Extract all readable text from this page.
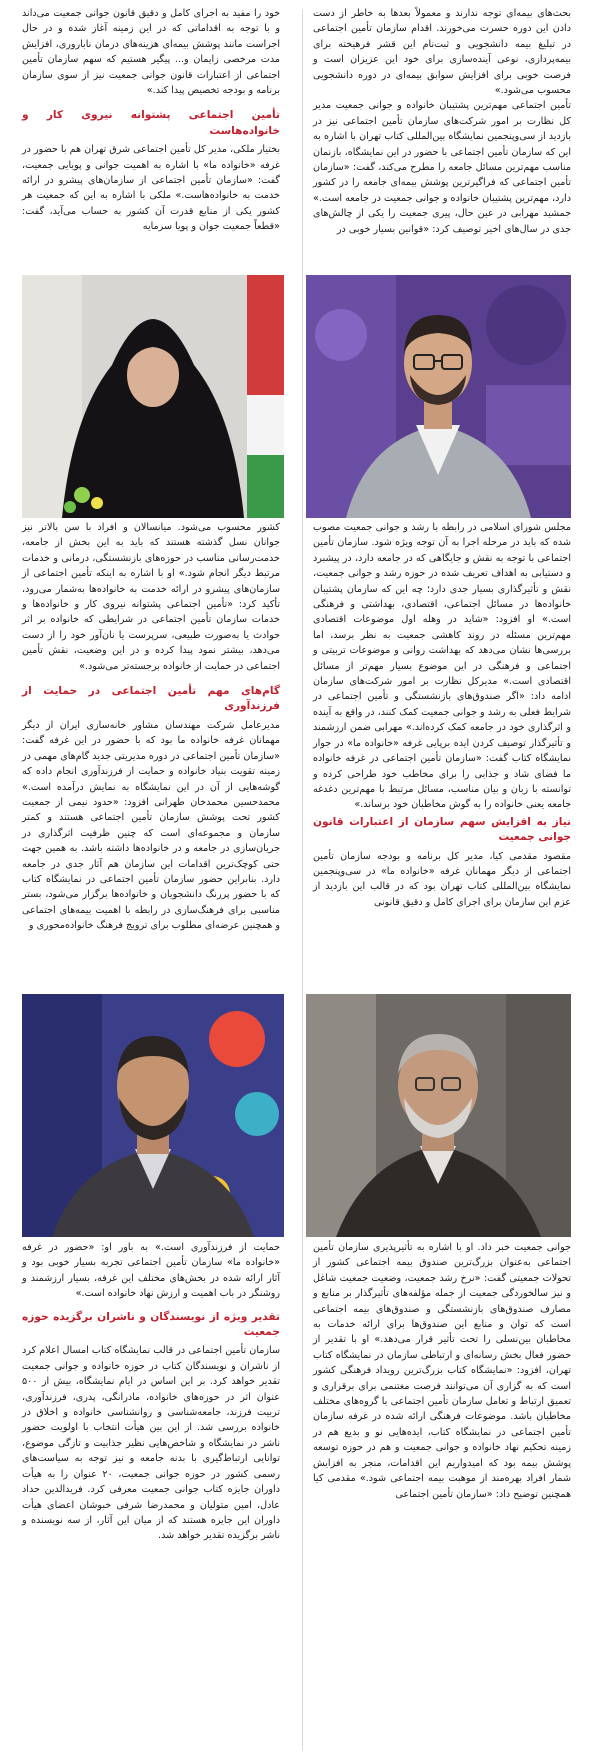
بحث‌های بیمه‌ای توجه ندارند و معمولاً بعدها به خاطر از دست دادن این دوره حسرت می‌خورند. اقدام سازمان تأمین اجتماعی در تبلیغ بیمه دانشجویی و ثبت‌نام این قشر فرهیخته برای بیمه‌پردازی، نوعی آینده‌سازی برای خود این عزیزان است و فرصت خوبی برای افزایش سوابق بیمه‌ای در دوره دانشجویی محسوب می‌شود.»

تأمین اجتماعی مهم‌ترین پشتیبان خانواده و جوانی جمعیت مدیر کل نظارت بر امور شرکت‌های سازمان تأمین اجتماعی نیز در بازدید از سی‌وپنجمین نمایشگاه بین‌المللی کتاب تهران با اشاره به این که سازمان تأمین اجتماعی با حضور در این نمایشگاه، بازنمان مناسب مهم‌ترین مسائل جامعه را مطرح می‌کند، گفت: «سازمان تأمین اجتماعی که فراگیرترین پوشش بیمه‌ای جامعه را در کشور دارد، مهم‌ترین پشتیبان خانواده و جوانی جمعیت در جامعه است.» جمشید مهرابی در عین حال، پیری جمعیت را یکی از چالش‌های جدی در سال‌های اخیر توصیف کرد: «قوانین بسیار خوبی در

مجلس شورای اسلامی در رابطه با رشد و جوانی جمعیت مصوب شده که باید در مرحله اجرا به آن توجه ویژه شود. سازمان تأمین اجتماعی با توجه به نقش و جایگاهی که در جامعه دارد، در پیشبرد و دستیابی به اهداف تعریف شده در حوزه رشد و جوانی جمعیت، نقش و تأثیرگذاری بسیار جدی دارد؛ چه این که سازمان پشتیبان خانواده‌ها در مسائل اجتماعی، اقتصادی، بهداشتی و فرهنگی است.» او افزود: «شاید در وهله اول موضوعات اقتصادی مهم‌ترین مسئله در روند کاهشی جمعیت به نظر برسد، اما بررسی‌ها نشان می‌دهد که بهداشت روانی و موضوعات تربیتی و اجتماعی و فرهنگی در این موضوع بسیار مهم‌تر از مسائل اقتصادی است.» مدیرکل نظارت بر امور شرکت‌های سازمان ادامه داد: «اگر صندوق‌های بازنشستگی و تأمین اجتماعی در شرایط فعلی به رشد و جوانی جمعیت کمک کنند، در واقع به آینده و اثرگذاری خود در جامعه کمک کرده‌اند.» مهرابی ضمن ارزشمند و تأثیرگذار توصیف کردن ایده برپایی غرفه «خانواده ما» در جوار نمایشگاه کتاب گفت: «سازمان تأمین اجتماعی در غرفه خانواده ما فضای شاد و جذابی را برای مخاطب خود طراحی کرده و توانسته با زبان و بیان مناسب، مسائل مرتبط با مهم‌ترین دغدغه جامعه یعنی خانواده را به گوش مخاطبان خود برساند.»

نیاز به افزایش سهم سازمان از اعتبارات قانون جوانی جمعیت

مقصود مقدمی کیا، مدیر کل برنامه و بودجه سازمان تأمین اجتماعی از دیگر مهمانان غرفه «خانواده ما» در سی‌وپنجمین نمایشگاه بین‌المللی کتاب تهران بود که در قالب این بازدید از عزم این سازمان برای اجرای کامل و دقیق قانونی

جوانی جمعیت خبر داد. او با اشاره به تأثیرپذیری سازمان تأمین اجتماعی به‌عنوان بزرگ‌ترین صندوق بیمه اجتماعی کشور از تحولات جمعیتی گفت: «نرخ رشد جمعیت، وضعیت جمعیت شاغل و نیز سالخوردگی جمعیت از جمله مؤلفه‌های تأثیرگذار بر منابع و مصارف صندوق‌های بازنشستگی و صندوق‌های بیمه اجتماعی است که توان و منابع این صندوق‌ها برای ارائه خدمات به مخاطبان بین‌نسلی را تحت تأثیر قرار می‌دهد.» او با تقدیر از حضور فعال بخش رسانه‌ای و ارتباطی سازمان در نمایشگاه کتاب تهران، افزود: «نمایشگاه کتاب بزرگ‌ترین رویداد فرهنگی کشور است که به گزاری آن می‌توانند فرصت مغتنمی برای برقراری و تعمیق ارتباط و تعامل سازمان تأمین اجتماعی با گروه‌های مختلف مخاطبان باشد. موضوعات فرهنگی ارائه شده در غرفه سازمان تأمین اجتماعی در نمایشگاه کتاب، ایده‌هایی نو و بدیع هم در زمینه تحکیم نهاد خانواده و جوانی جمعیت و هم در حوزه توسعه پوشش بیمه بود که امیدواریم این اقدامات، منجر به افزایش شمار افراد بهره‌مند از موهبت بیمه اجتماعی شود.» مقدمی کیا همچنین توضیح داد: «سازمان تأمین اجتماعی

خود را مفید به اجرای کامل و دقیق قانون جوانی جمعیت می‌داند و با توجه به اقداماتی که در این زمینه آغاز شده و در حال اجراست مانند پوشش بیمه‌ای هزینه‌های درمان ناباروری، افزایش مدت مرخصی زایمان و... پیگیر هستیم که سهم سازمان تأمین اجتماعی از اعتبارات قانون جوانی جمعیت نیز از سوی سازمان برنامه و بودجه تخصیص پیدا کند.»

تأمین اجتماعی پشتوانه نیروی کار و خانواده‌هاست

بختیار ملکی، مدیر کل تأمین اجتماعی شرق تهران هم با حضور در غرفه «خانواده ما» با اشاره به اهمیت جوانی و پویایی جمعیت، گفت: «سازمان تأمین اجتماعی از سازمان‌های پیشرو در ارائه خدمت به خانواده‌هاست.» ملکی با اشاره به این که جمعیت هر کشور یکی از منابع قدرت آن کشور به حساب می‌آید، گفت: «قطعاً جمعیت جوان و پویا سرمایه

کشور محسوب می‌شود. میانسالان و افراد با سن بالاتر نیز جوانان نسل گذشته هستند که باید به این بخش از جامعه، خدمت‌رسانی مناسب در حوزه‌های بازنشستگی، درمانی و خدمات مرتبط دیگر انجام شود.» او با اشاره به اینکه تأمین اجتماعی از سازمان‌های پیشرو در ارائه خدمت به خانواده‌ها به‌شمار می‌رود، تأکید کرد: «تأمین اجتماعی پشتوانه نیروی کار و خانواده‌ها و خدمات سازمان تأمین اجتماعی در شرایطی که خانواده بر اثر حوادث یا به‌صورت طبیعی، سرپرست یا نان‌آور خود را از دست می‌دهد، بیشتر نمود پیدا کرده و در این وضعیت، نقش تأمین اجتماعی در حمایت از خانواده برجسته‌تر می‌شود.»

گام‌های مهم تأمین اجتماعی در حمایت از فرزندآوری

مدیرعامل شرکت مهندسان مشاور خانه‌سازی ایران از دیگر مهمانان غرفه خانواده ما بود که با حضور در این غرفه گفت: «سازمان تأمین اجتماعی در دوره مدیریتی جدید گام‌های مهمی در زمینه تقویت بنیاد خانواده و حمایت از فرزندآوری انجام داده که گوشه‌هایی از آن در این نمایشگاه به نمایش درآمده است.» محمدحسین محمدخان طهرانی افزود: «حدود نیمی از جمعیت کشور تحت پوشش سازمان تأمین اجتماعی هستند و کمتر سازمان و مجموعه‌ای است که چنین ظرفیت اثرگذاری در جریان‌سازی در جامعه و در خانواده‌ها داشته باشد. به همین جهت حتی کوچک‌ترین اقدامات این سازمان هم آثار جدی در جامعه دارد. بنابراین حضور سازمان تأمین اجتماعی در نمایشگاه کتاب که با حضور پررنگ دانشجویان و خانواده‌ها برگزار می‌شود، بستر مناسبی برای فرهنگ‌سازی در رابطه با اهمیت بیمه‌های اجتماعی و همچنین عرضه‌ای مطلوب برای ترویج فرهنگ خانواده‌محوری و

حمایت از فرزندآوری است.» به باور او: «حضور در غرفه «خانواده ما» سازمان تأمین اجتماعی تجربه بسیار خوبی بود و آثار ارائه شده در بخش‌های مختلف این غرفه، بسیار ارزشمند و روشنگر در باب اهمیت و ارزش نهاد خانواده است.»

تقدیر ویژه از نویسندگان و ناشران برگزیده حوزه جمعیت

سازمان تأمین اجتماعی در قالب نمایشگاه کتاب امسال اعلام کرد از ناشران و نویسندگان کتاب در حوزه خانواده و جوانی جمعیت تقدیر خواهد کرد. بر این اساس در ایام نمایشگاه، بیش از ۵۰۰ عنوان اثر در حوزه‌های خانواده، مادرانگی، پدری، فرزندآوری، تربیت فرزند، جامعه‌شناسی و روانشناسی خانواده و اخلاق در خانواده بررسی شد. از این بین هیأت انتخاب با اولویت حضور ناشر در نمایشگاه و شاخص‌هایی نظیر جذابیت و تازگی موضوع، توانایی ارتباط‌گیری با بدنه جامعه و نیز توجه به سیاست‌های رسمی کشور در حوزه جوانی جمعیت، ۲۰ عنوان را به هیأت داوران جایزه کتاب جوانی جمعیت معرفی کرد. فریدالدین حداد عادل، امین متولیان و محمدرضا شرفی خبوشان اعضای هیأت داوران این جایزه هستند که از میان این آثار، از سه نویسنده و ناشر برگزیده تقدیر خواهد شد.
